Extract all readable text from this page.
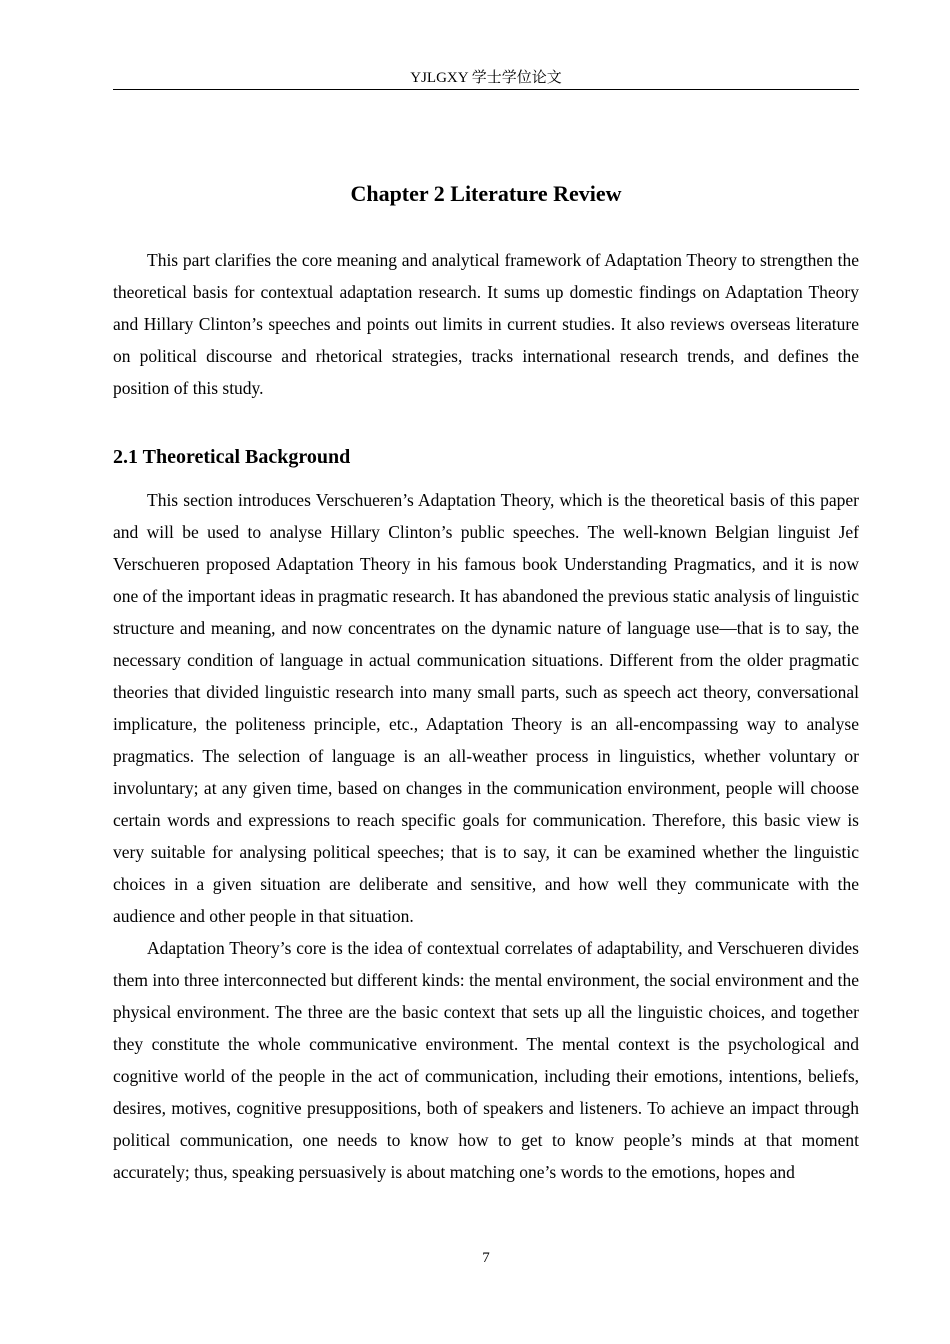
YJLGXY 学士学位论文
Chapter 2 Literature Review

This part clarifies the core meaning and analytical framework of Adaptation Theory to strengthen the theoretical basis for contextual adaptation research. It sums up domestic findings on Adaptation Theory and Hillary Clinton’s speeches and points out limits in current studies. It also reviews overseas literature on political discourse and rhetorical strategies, tracks international research trends, and defines the position of this study.

2.1 Theoretical Background

This section introduces Verschueren’s Adaptation Theory, which is the theoretical basis of this paper and will be used to analyse Hillary Clinton’s public speeches. The well-known Belgian linguist Jef Verschueren proposed Adaptation Theory in his famous book Understanding Pragmatics, and it is now one of the important ideas in pragmatic research. It has abandoned the previous static analysis of linguistic structure and meaning, and now concentrates on the dynamic nature of language use—that is to say, the necessary condition of language in actual communication situations. Different from the older pragmatic theories that divided linguistic research into many small parts, such as speech act theory, conversational implicature, the politeness principle, etc., Adaptation Theory is an all-encompassing way to analyse pragmatics. The selection of language is an all-weather process in linguistics, whether voluntary or involuntary; at any given time, based on changes in the communication environment, people will choose certain words and expressions to reach specific goals for communication. Therefore, this basic view is very suitable for analysing political speeches; that is to say, it can be examined whether the linguistic choices in a given situation are deliberate and sensitive, and how well they communicate with the audience and other people in that situation.

Adaptation Theory’s core is the idea of contextual correlates of adaptability, and Verschueren divides them into three interconnected but different kinds: the mental environment, the social environment and the physical environment. The three are the basic context that sets up all the linguistic choices, and together they constitute the whole communicative environment. The mental context is the psychological and cognitive world of the people in the act of communication, including their emotions, intentions, beliefs, desires, motives, cognitive presuppositions, both of speakers and listeners. To achieve an impact through political communication, one needs to know how to get to know people’s minds at that moment accurately; thus, speaking persuasively is about matching one’s words to the emotions, hopes and

7
